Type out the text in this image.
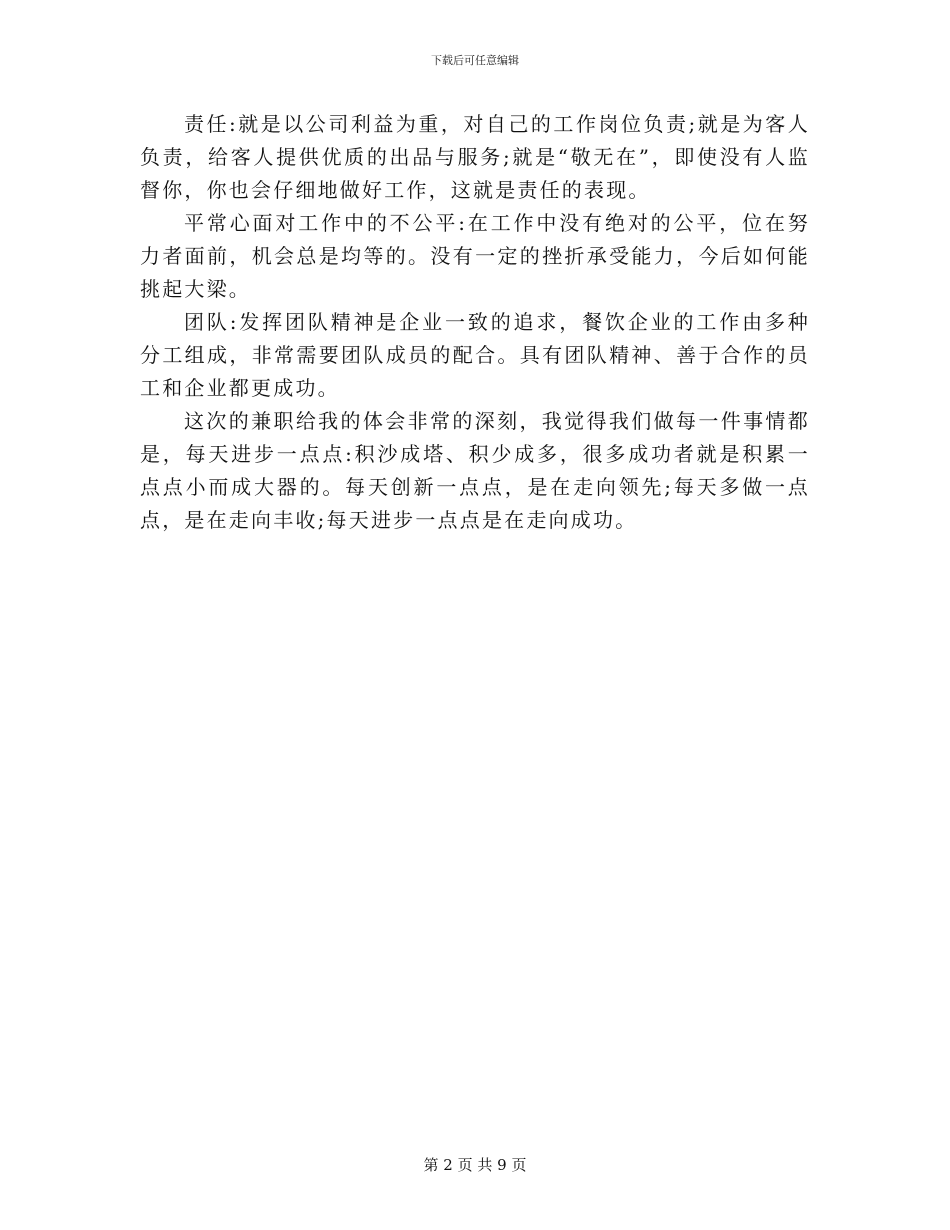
下载后可任意编辑

责任:就是以公司利益为重，对自己的工作岗位负责;就是为客人负责，给客人提供优质的出品与服务;就是“敬无在”，即使没有人监督你，你也会仔细地做好工作，这就是责任的表现。

平常心面对工作中的不公平:在工作中没有绝对的公平，位在努力者面前，机会总是均等的。没有一定的挫折承受能力，今后如何能挑起大梁。

团队:发挥团队精神是企业一致的追求，餐饮企业的工作由多种分工组成，非常需要团队成员的配合。具有团队精神、善于合作的员工和企业都更成功。

这次的兼职给我的体会非常的深刻，我觉得我们做每一件事情都是，每天进步一点点:积沙成塔、积少成多，很多成功者就是积累一点点小而成大器的。每天创新一点点，是在走向领先;每天多做一点点，是在走向丰收;每天进步一点点是在走向成功。

第 2 页 共 9 页
